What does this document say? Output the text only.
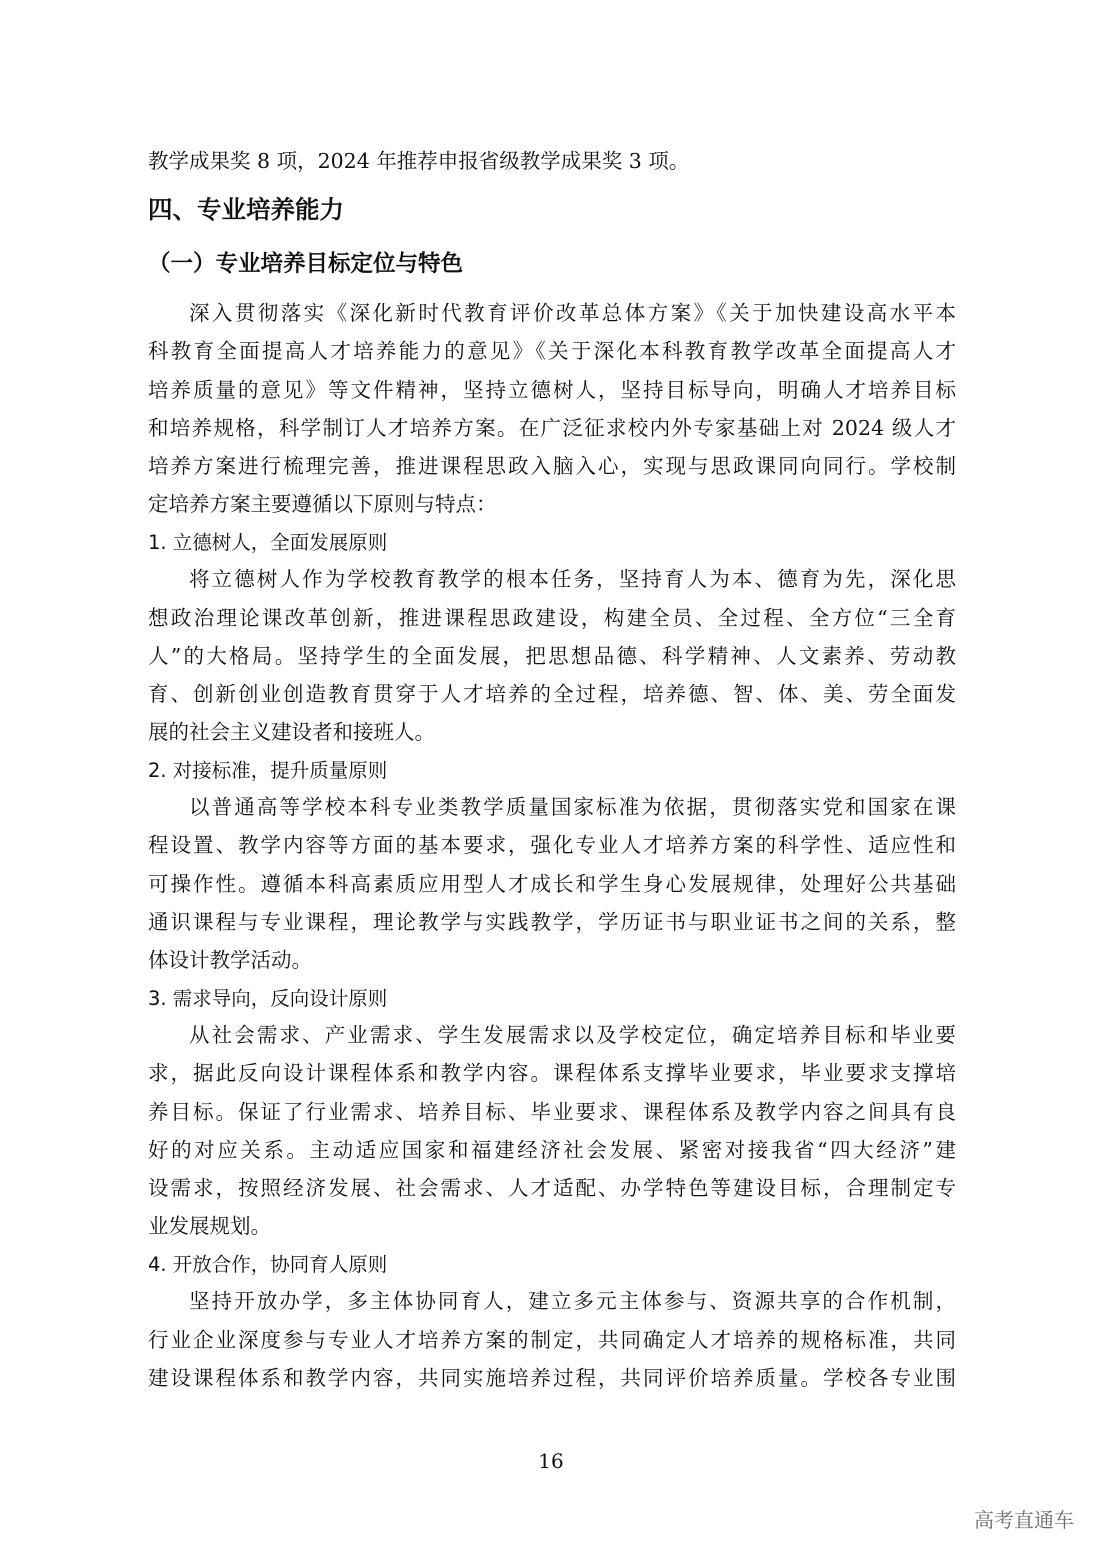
教学成果奖 8 项，2024 年推荐申报省级教学成果奖 3 项。
四、专业培养能力
（一）专业培养目标定位与特色
深入贯彻落实《深化新时代教育评价改革总体方案》《关于加快建设高水平本
科教育全面提高人才培养能力的意见》《关于深化本科教育教学改革全面提高人才
培养质量的意见》等文件精神，坚持立德树人，坚持目标导向，明确人才培养目标
和培养规格，科学制订人才培养方案。在广泛征求校内外专家基础上对 2024 级人才
培养方案进行梳理完善，推进课程思政入脑入心，实现与思政课同向同行。学校制
定培养方案主要遵循以下原则与特点：
1. 立德树人，全面发展原则
将立德树人作为学校教育教学的根本任务，坚持育人为本、德育为先，深化思
想政治理论课改革创新，推进课程思政建设，构建全员、全过程、全方位“三全育
人”的大格局。坚持学生的全面发展，把思想品德、科学精神、人文素养、劳动教
育、创新创业创造教育贯穿于人才培养的全过程，培养德、智、体、美、劳全面发
展的社会主义建设者和接班人。
2. 对接标准，提升质量原则
以普通高等学校本科专业类教学质量国家标准为依据，贯彻落实党和国家在课
程设置、教学内容等方面的基本要求，强化专业人才培养方案的科学性、适应性和
可操作性。遵循本科高素质应用型人才成长和学生身心发展规律，处理好公共基础
通识课程与专业课程，理论教学与实践教学，学历证书与职业证书之间的关系，整
体设计教学活动。
3. 需求导向，反向设计原则
从社会需求、产业需求、学生发展需求以及学校定位，确定培养目标和毕业要
求，据此反向设计课程体系和教学内容。课程体系支撑毕业要求，毕业要求支撑培
养目标。保证了行业需求、培养目标、毕业要求、课程体系及教学内容之间具有良
好的对应关系。主动适应国家和福建经济社会发展、紧密对接我省“四大经济”建
设需求，按照经济发展、社会需求、人才适配、办学特色等建设目标，合理制定专
业发展规划。
4. 开放合作，协同育人原则
坚持开放办学，多主体协同育人，建立多元主体参与、资源共享的合作机制，
行业企业深度参与专业人才培养方案的制定，共同确定人才培养的规格标准，共同
建设课程体系和教学内容，共同实施培养过程，共同评价培养质量。学校各专业围
16
高考直通车
